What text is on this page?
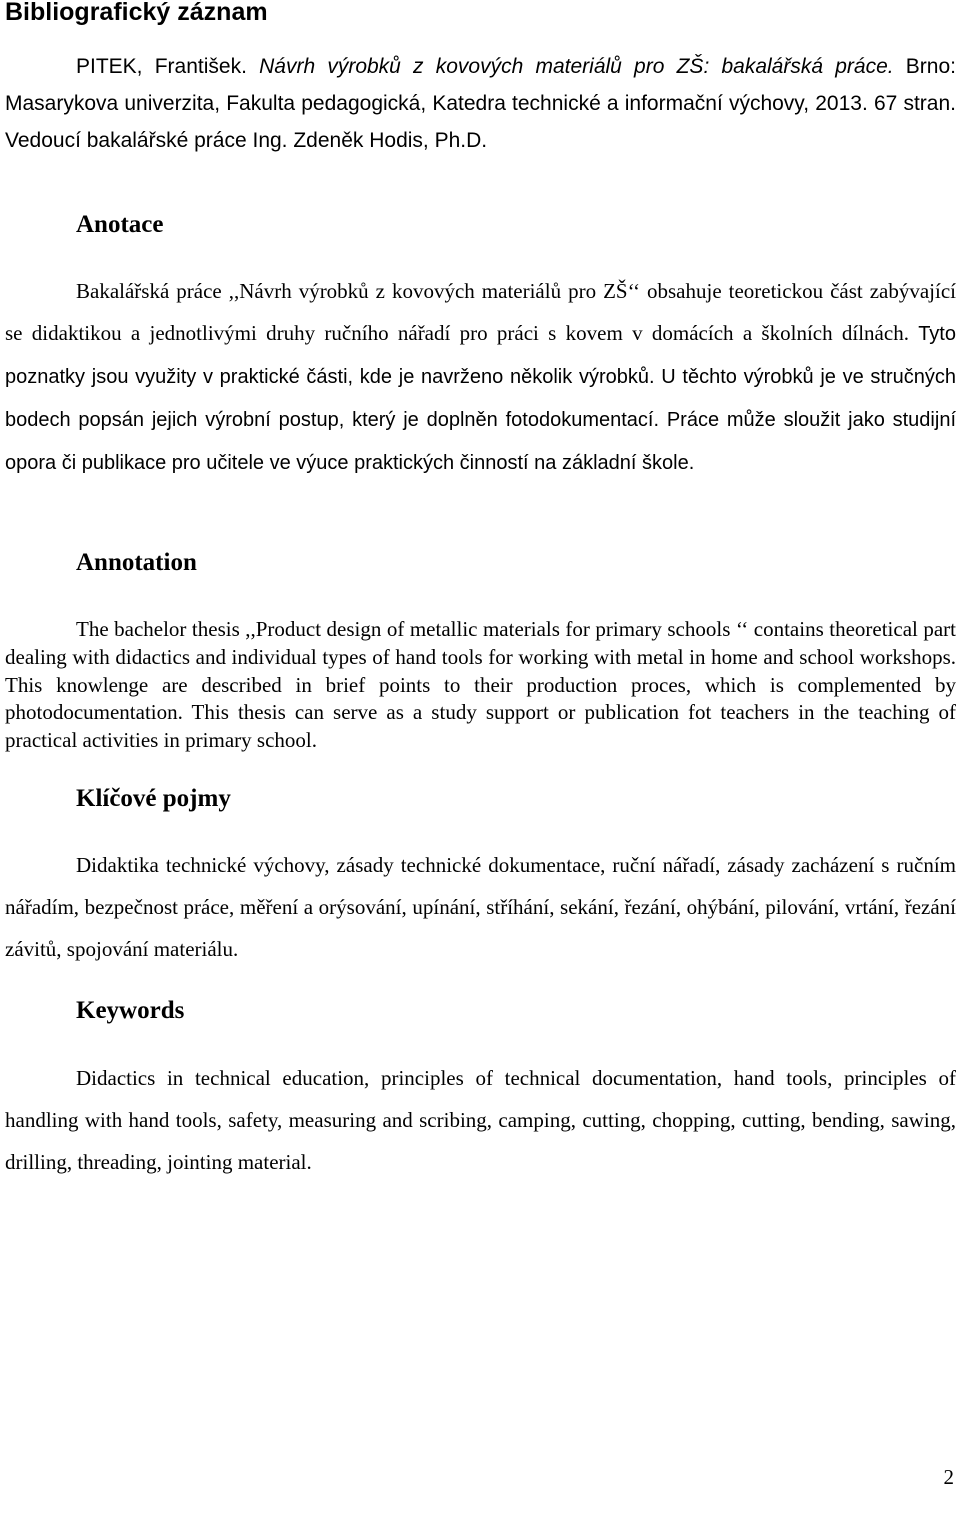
Bibliografický záznam

PITEK, František. Návrh výrobků z kovových materiálů pro ZŠ: bakalářská práce. Brno: Masarykova univerzita, Fakulta pedagogická, Katedra technické a informační výchovy, 2013. 67 stran. Vedoucí bakalářské práce Ing. Zdeněk Hodis, Ph.D.

Anotace

Bakalářská práce ,,Návrh výrobků z kovových materiálů pro ZŠ‘‘ obsahuje teoretickou část zabývající se didaktikou a jednotlivými druhy ručního nářadí pro práci s kovem v domácích a školních dílnách. Tyto poznatky jsou využity v praktické části, kde je navrženo několik výrobků. U těchto výrobků je ve stručných bodech popsán jejich výrobní postup, který je doplněn fotodokumentací. Práce může sloužit jako studijní opora či publikace pro učitele ve výuce praktických činností na základní škole.

Annotation

The bachelor thesis ,,Product design of metallic materials for primary schools ‘‘ contains theoretical part dealing with didactics and individual types of hand tools for working with metal in home and school workshops. This knowlenge are described in brief points to their production proces, which is complemented by photodocumentation. This thesis can serve as a study support or publication fot teachers in the teaching of practical activities in primary school.

Klíčové pojmy

Didaktika technické výchovy, zásady technické dokumentace, ruční nářadí, zásady zacházení s ručním nářadím, bezpečnost práce, měření a orýsování, upínání, stříhání, sekání, řezání, ohýbání, pilování, vrtání, řezání závitů, spojování materiálu.

Keywords

Didactics in technical education, principles of technical documentation, hand tools, principles of handling with hand tools, safety, measuring and scribing, camping, cutting, chopping, cutting, bending, sawing, drilling, threading, jointing material.

2
